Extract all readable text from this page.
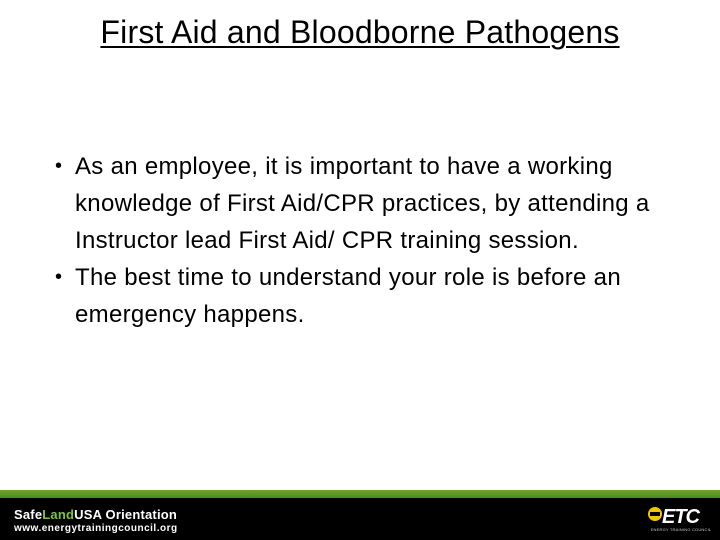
First Aid and Bloodborne Pathogens
• As an employee, it is important to have a working knowledge of First Aid/CPR practices, by attending a Instructor lead First Aid/ CPR training session.
• The best time to understand your role is before an emergency happens.
SafeLandUSA Orientation
www.energytrainingcouncil.org
ETC
ENERGY TRAINING COUNCIL
